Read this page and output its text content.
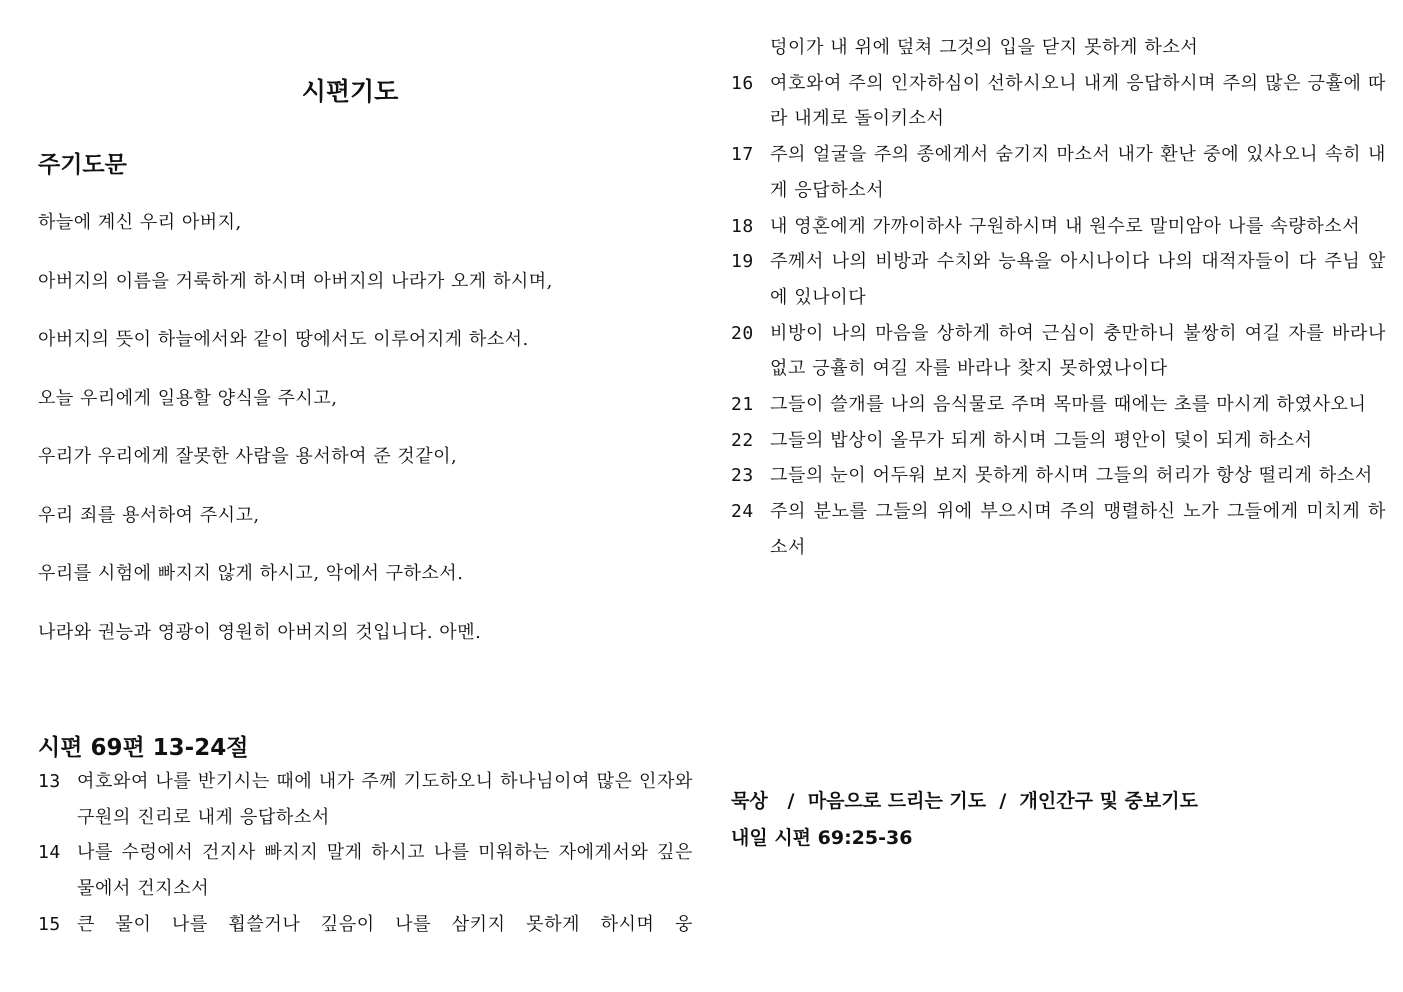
시편기도
주기도문
하늘에 계신 우리 아버지,
아버지의 이름을 거룩하게 하시며 아버지의 나라가 오게 하시며,
아버지의 뜻이 하늘에서와 같이 땅에서도 이루어지게 하소서.
오늘 우리에게 일용할 양식을 주시고,
우리가 우리에게 잘못한 사람을 용서하여 준 것같이,
우리 죄를 용서하여 주시고,
우리를 시험에 빠지지 않게 하시고, 악에서 구하소서.
나라와 권능과 영광이 영원히 아버지의 것입니다. 아멘.
시편 69편 13-24절
13 여호와여 나를 반기시는 때에 내가 주께 기도하오니 하나님이여 많은 인자와 구원의 진리로 내게 응답하소서
14 나를 수렁에서 건지사 빠지지 말게 하시고 나를 미워하는 자에게서와 깊은 물에서 건지소서
15 큰 물이 나를 휩쓸거나 깊음이 나를 삼키지 못하게 하시며 웅
덩이가 내 위에 덮쳐 그것의 입을 닫지 못하게 하소서
16 여호와여 주의 인자하심이 선하시오니 내게 응답하시며 주의 많은 긍휼에 따라 내게로 돌이키소서
17 주의 얼굴을 주의 종에게서 숨기지 마소서 내가 환난 중에 있사오니 속히 내게 응답하소서
18 내 영혼에게 가까이하사 구원하시며 내 원수로 말미암아 나를 속량하소서
19 주께서 나의 비방과 수치와 능욕을 아시나이다 나의 대적자들이 다 주님 앞에 있나이다
20 비방이 나의 마음을 상하게 하여 근심이 충만하니 불쌍히 여길 자를 바라나 없고 긍휼히 여길 자를 바라나 찾지 못하였나이다
21 그들이 쓸개를 나의 음식물로 주며 목마를 때에는 초를 마시게 하였사오니
22 그들의 밥상이 올무가 되게 하시며 그들의 평안이 덫이 되게 하소서
23 그들의 눈이 어두워 보지 못하게 하시며 그들의 허리가 항상 떨리게 하소서
24 주의 분노를 그들의 위에 부으시며 주의 맹렬하신 노가 그들에게 미치게 하소서
묵상   /  마음으로 드리는 기도  /  개인간구 및 중보기도
내일 시편 69:25-36
